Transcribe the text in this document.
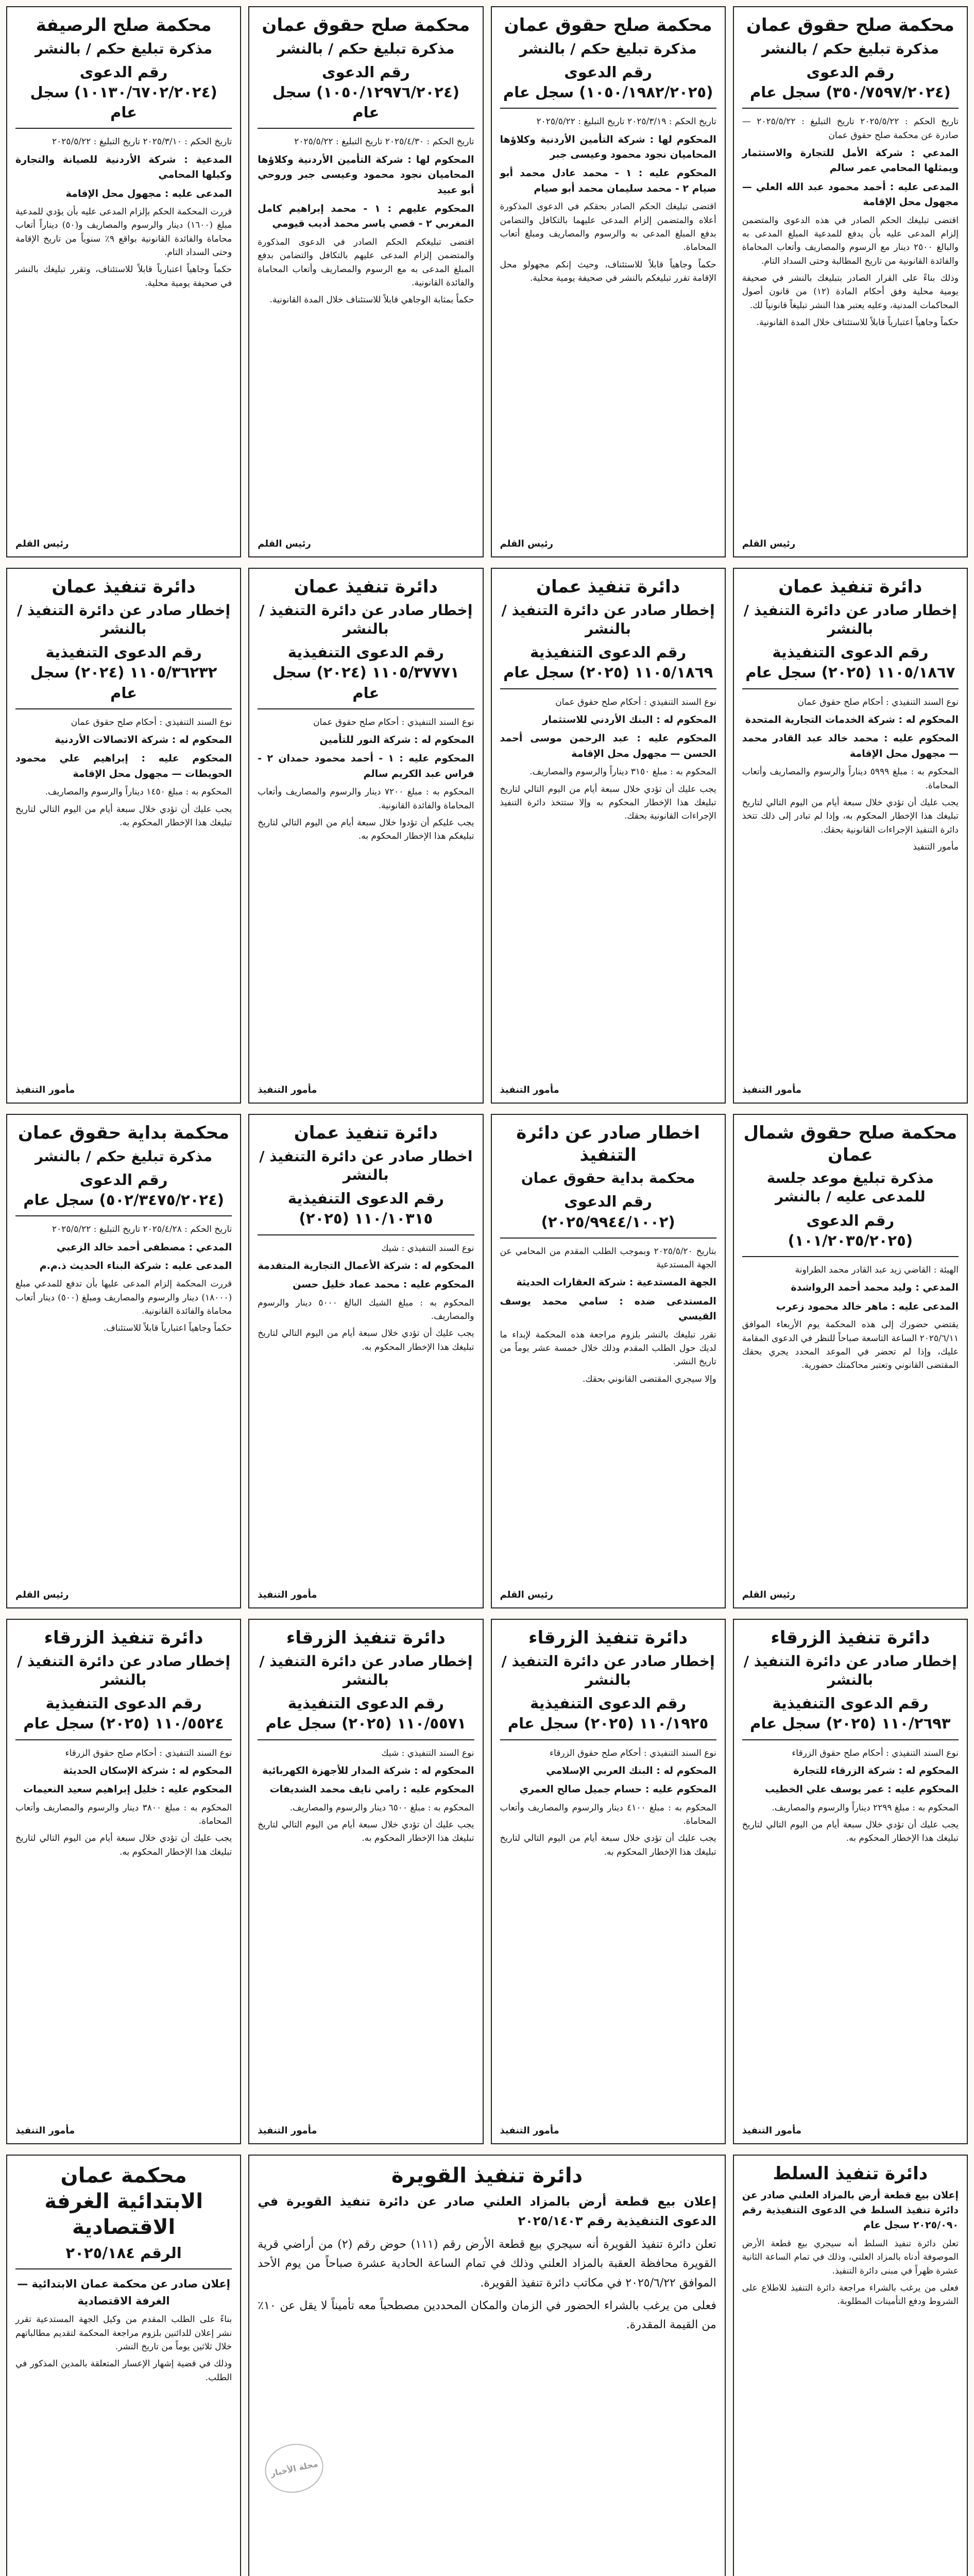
محكمة صلح حقوق عمان
مذكرة تبليغ حكم / بالنشر
رقم الدعوى (٣٥٠/٧٥٩٧/٢٠٢٤) سجل عام

تاريخ الحكم : ٢٠٢٥/٥/٢٢ تاريخ التبليغ : ٢٠٢٥/٥/٢٢ — صادرة عن محكمة صلح حقوق عمان

المدعي : شركة الأمل للتجارة والاستثمار ويمثلها المحامي عمر سالم

المدعى عليه : أحمد محمود عبد الله العلي — مجهول محل الإقامة

اقتضى تبليغك الحكم الصادر في هذه الدعوى والمتضمن إلزام المدعى عليه بأن يدفع للمدعية المبلغ المدعى به والبالغ ٢٥٠٠ دينار مع الرسوم والمصاريف وأتعاب المحاماة والفائدة القانونية من تاريخ المطالبة وحتى السداد التام.

وذلك بناءً على القرار الصادر بتبليغك بالنشر في صحيفة يومية محلية وفق أحكام المادة (١٢) من قانون أصول المحاكمات المدنية، وعليه يعتبر هذا النشر تبليغاً قانونياً لك.

حكماً وجاهياً اعتبارياً قابلاً للاستئناف خلال المدة القانونية.

رئيس القلم
محكمة صلح حقوق عمان
مذكرة تبليغ حكم / بالنشر
رقم الدعوى (١٠٥٠/١٩٨٢/٢٠٢٥) سجل عام

تاريخ الحكم : ٢٠٢٥/٣/١٩ تاريخ التبليغ : ٢٠٢٥/٥/٢٢

المحكوم لها : شركة التأمين الأردنية وكلاؤها المحاميان نجود محمود وعيسى جبر

المحكوم عليه : ١ - محمد عادل محمد أبو صيام ٢ - محمد سليمان محمد أبو صيام

اقتضى تبليغك الحكم الصادر بحقكم في الدعوى المذكورة أعلاه والمتضمن إلزام المدعى عليهما بالتكافل والتضامن بدفع المبلغ المدعى به والرسوم والمصاريف ومبلغ أتعاب المحاماة.

حكماً وجاهياً قابلاً للاستئناف، وحيث إنكم مجهولو محل الإقامة تقرر تبليغكم بالنشر في صحيفة يومية محلية.

رئيس القلم
محكمة صلح حقوق عمان
مذكرة تبليغ حكم / بالنشر
رقم الدعوى (١٠٥٠/١٢٩٧٦/٢٠٢٤) سجل عام

تاريخ الحكم : ٢٠٢٥/٤/٣٠ تاريخ التبليغ : ٢٠٢٥/٥/٢٢

المحكوم لها : شركة التأمين الأردنية وكلاؤها المحاميان نجود محمود وعيسى جبر وروحي أبو عبيد

المحكوم عليهم : ١ - محمد إبراهيم كامل المغربي ٢ - قصي ياسر محمد أديب قيومي

اقتضى تبليغكم الحكم الصادر في الدعوى المذكورة والمتضمن إلزام المدعى عليهم بالتكافل والتضامن بدفع المبلغ المدعى به مع الرسوم والمصاريف وأتعاب المحاماة والفائدة القانونية.

حكماً بمثابة الوجاهي قابلاً للاستئناف خلال المدة القانونية.

رئيس القلم
محكمة صلح الرصيفة
مذكرة تبليغ حكم / بالنشر
رقم الدعوى (١٠١٣٠/٦٧٠٢/٢٠٢٤) سجل عام

تاريخ الحكم : ٢٠٢٥/٣/١٠ تاريخ التبليغ : ٢٠٢٥/٥/٢٢

المدعية : شركة الأردنية للصيانة والتجارة وكيلها المحامي

المدعى عليه : مجهول محل الإقامة

قررت المحكمة الحكم بإلزام المدعى عليه بأن يؤدي للمدعية مبلغ (١٦٠٠) دينار والرسوم والمصاريف و(٥٠) ديناراً أتعاب محاماة والفائدة القانونية بواقع ٩٪ سنوياً من تاريخ الإقامة وحتى السداد التام.

حكماً وجاهياً اعتبارياً قابلاً للاستئناف، وتقرر تبليغك بالنشر في صحيفة يومية محلية.

رئيس القلم
دائرة تنفيذ عمان
إخطار صادر عن دائرة التنفيذ / بالنشر
رقم الدعوى التنفيذية ١١٠٥/١٨٦٧ (٢٠٢٥) سجل عام

نوع السند التنفيذي : أحكام صلح حقوق عمان

المحكوم له : شركة الخدمات التجارية المتحدة

المحكوم عليه : محمد خالد عبد القادر محمد — مجهول محل الإقامة

المحكوم به : مبلغ ٥٩٩٩ ديناراً والرسوم والمصاريف وأتعاب المحاماة.

يجب عليك أن تؤدي خلال سبعة أيام من اليوم التالي لتاريخ تبليغك هذا الإخطار المحكوم به، وإذا لم تبادر إلى ذلك تتخذ دائرة التنفيذ الإجراءات القانونية بحقك.

مأمور التنفيذ

مأمور التنفيذ
دائرة تنفيذ عمان
إخطار صادر عن دائرة التنفيذ / بالنشر
رقم الدعوى التنفيذية ١١٠٥/١٨٦٩ (٢٠٢٥) سجل عام

نوع السند التنفيذي : أحكام صلح حقوق عمان

المحكوم له : البنك الأردني للاستثمار

المحكوم عليه : عبد الرحمن موسى أحمد الحسن — مجهول محل الإقامة

المحكوم به : مبلغ ٣١٥٠ ديناراً والرسوم والمصاريف.

يجب عليك أن تؤدي خلال سبعة أيام من اليوم التالي لتاريخ تبليغك هذا الإخطار المحكوم به وإلا ستتخذ دائرة التنفيذ الإجراءات القانونية بحقك.

مأمور التنفيذ
دائرة تنفيذ عمان
إخطار صادر عن دائرة التنفيذ / بالنشر
رقم الدعوى التنفيذية ١١٠٥/٣٧٧٧١ (٢٠٢٤) سجل عام

نوع السند التنفيذي : أحكام صلح حقوق عمان

المحكوم له : شركة النور للتأمين

المحكوم عليه : ١ - أحمد محمود حمدان ٢ - فراس عبد الكريم سالم

المحكوم به : مبلغ ٧٢٠٠ دينار والرسوم والمصاريف وأتعاب المحاماة والفائدة القانونية.

يجب عليكم أن تؤدوا خلال سبعة أيام من اليوم التالي لتاريخ تبليغكم هذا الإخطار المحكوم به.

مأمور التنفيذ
دائرة تنفيذ عمان
إخطار صادر عن دائرة التنفيذ / بالنشر
رقم الدعوى التنفيذية ١١٠٥/٣٦٢٣٢ (٢٠٢٤) سجل عام

نوع السند التنفيذي : أحكام صلح حقوق عمان

المحكوم له : شركة الاتصالات الأردنية

المحكوم عليه : إبراهيم علي محمود الحويطات — مجهول محل الإقامة

المحكوم به : مبلغ ١٤٥٠ ديناراً والرسوم والمصاريف.

يجب عليك أن تؤدي خلال سبعة أيام من اليوم التالي لتاريخ تبليغك هذا الإخطار المحكوم به.

مأمور التنفيذ
محكمة صلح حقوق شمال عمان
مذكرة تبليغ موعد جلسة للمدعى عليه / بالنشر
رقم الدعوى (١٠١/٢٠٣٥/٢٠٢٥)

الهيئة : القاضي زيد عبد القادر محمد الطراونة

المدعي : وليد محمد أحمد الرواشدة

المدعى عليه : ماهر خالد محمود زعرب

يقتضي حضورك إلى هذه المحكمة يوم الأربعاء الموافق ٢٠٢٥/٦/١١ الساعة التاسعة صباحاً للنظر في الدعوى المقامة عليك، وإذا لم تحضر في الموعد المحدد يجري بحقك المقتضى القانوني وتعتبر محاكمتك حضورية.

رئيس القلم
اخطار صادر عن دائرة التنفيذ
محكمة بداية حقوق عمان
رقم الدعوى (٢٠٢٥/٩٩٤٤/١٠٠٢)

بتاريخ ٢٠٢٥/٥/٢٠ وبموجب الطلب المقدم من المحامي عن الجهة المستدعية

الجهة المستدعية : شركة العقارات الحديثة

المستدعى ضده : سامي محمد يوسف القيسي

تقرر تبليغك بالنشر بلزوم مراجعة هذه المحكمة لإبداء ما لديك حول الطلب المقدم وذلك خلال خمسة عشر يوماً من تاريخ النشر.

وإلا سيجري المقتضى القانوني بحقك.

رئيس القلم
دائرة تنفيذ عمان
اخطار صادر عن دائرة التنفيذ / بالنشر
رقم الدعوى التنفيذية ١١٠/١٠٣١٥ (٢٠٢٥)

نوع السند التنفيذي : شيك

المحكوم له : شركة الأعمال التجارية المتقدمة

المحكوم عليه : محمد عماد خليل حسن

المحكوم به : مبلغ الشيك البالغ ٥٠٠٠ دينار والرسوم والمصاريف.

يجب عليك أن تؤدي خلال سبعة أيام من اليوم التالي لتاريخ تبليغك هذا الإخطار المحكوم به.

مأمور التنفيذ
محكمة بداية حقوق عمان
مذكرة تبليغ حكم / بالنشر
رقم الدعوى (٥٠٢/٣٤٧٥/٢٠٢٤) سجل عام

تاريخ الحكم : ٢٠٢٥/٤/٢٨ تاريخ التبليغ : ٢٠٢٥/٥/٢٢

المدعي : مصطفى أحمد خالد الزعبي

المدعى عليه : شركة البناء الحديث ذ.م.م

قررت المحكمة إلزام المدعى عليها بأن تدفع للمدعي مبلغ (١٨٠٠٠) دينار والرسوم والمصاريف ومبلغ (٥٠٠) دينار أتعاب محاماة والفائدة القانونية.

حكماً وجاهياً اعتبارياً قابلاً للاستئناف.

رئيس القلم
دائرة تنفيذ الزرقاء
إخطار صادر عن دائرة التنفيذ / بالنشر
رقم الدعوى التنفيذية ١١٠/٢٦٩٣ (٢٠٢٥) سجل عام

نوع السند التنفيذي : أحكام صلح حقوق الزرقاء

المحكوم له : شركة الزرقاء للتجارة

المحكوم عليه : عمر يوسف علي الخطيب

المحكوم به : مبلغ ٢٢٩٩ ديناراً والرسوم والمصاريف.

يجب عليك أن تؤدي خلال سبعة أيام من اليوم التالي لتاريخ تبليغك هذا الإخطار المحكوم به.

مأمور التنفيذ
دائرة تنفيذ الزرقاء
إخطار صادر عن دائرة التنفيذ / بالنشر
رقم الدعوى التنفيذية ١١٠/١٩٢٥ (٢٠٢٥) سجل عام

نوع السند التنفيذي : أحكام صلح حقوق الزرقاء

المحكوم له : البنك العربي الإسلامي

المحكوم عليه : حسام جميل صالح العمري

المحكوم به : مبلغ ٤١٠٠ دينار والرسوم والمصاريف وأتعاب المحاماة.

يجب عليك أن تؤدي خلال سبعة أيام من اليوم التالي لتاريخ تبليغك هذا الإخطار المحكوم به.

مأمور التنفيذ
دائرة تنفيذ الزرقاء
إخطار صادر عن دائرة التنفيذ / بالنشر
رقم الدعوى التنفيذية ١١٠/٥٥٧١ (٢٠٢٥) سجل عام

نوع السند التنفيذي : شيك

المحكوم له : شركة المدار للأجهزة الكهربائية

المحكوم عليه : رامي نايف محمد الشديفات

المحكوم به : مبلغ ٦٥٠٠ دينار والرسوم والمصاريف.

يجب عليك أن تؤدي خلال سبعة أيام من اليوم التالي لتاريخ تبليغك هذا الإخطار المحكوم به.

مأمور التنفيذ
دائرة تنفيذ الزرقاء
إخطار صادر عن دائرة التنفيذ / بالنشر
رقم الدعوى التنفيذية ١١٠/٥٥٢٤ (٢٠٢٥) سجل عام

نوع السند التنفيذي : أحكام صلح حقوق الزرقاء

المحكوم له : شركة الإسكان الحديثة

المحكوم عليه : خليل إبراهيم سعيد النعيمات

المحكوم به : مبلغ ٣٨٠٠ دينار والرسوم والمصاريف وأتعاب المحاماة.

يجب عليك أن تؤدي خلال سبعة أيام من اليوم التالي لتاريخ تبليغك هذا الإخطار المحكوم به.

مأمور التنفيذ
دائرة تنفيذ السلط

إعلان بيع قطعة أرض بالمزاد العلني صادر عن دائرة تنفيذ السلط في الدعوى التنفيذية رقم ٢٠٢٥/٠٩٠ سجل عام

تعلن دائرة تنفيذ السلط أنه سيجري بيع قطعة الأرض الموصوفة أدناه بالمزاد العلني، وذلك في تمام الساعة الثانية عشرة ظهراً في مبنى دائرة التنفيذ.

فعلى من يرغب بالشراء مراجعة دائرة التنفيذ للاطلاع على الشروط ودفع التأمينات المطلوبة.

دائرة تنفيذ القويرة

إعلان بيع قطعة أرض بالمزاد العلني صادر عن دائرة تنفيذ القويرة في الدعوى التنفيذية رقم ٢٠٢٥/١٤٠٣

تعلن دائرة تنفيذ القويرة أنه سيجري بيع قطعة الأرض رقم (١١١) حوض رقم (٢) من أراضي قرية القويرة محافظة العقبة بالمزاد العلني وذلك في تمام الساعة الحادية عشرة صباحاً من يوم الأحد الموافق ٢٠٢٥/٦/٢٢ في مكاتب دائرة تنفيذ القويرة.

فعلى من يرغب بالشراء الحضور في الزمان والمكان المحددين مصطحباً معه تأميناً لا يقل عن ١٠٪ من القيمة المقدرة.

مجلة الأخبار
محكمة عمان الابتدائية الغرفة الاقتصادية
الرقم ٢٠٢٥/١٨٤

إعلان صادر عن محكمة عمان الابتدائية — الغرفة الاقتصادية

بناءً على الطلب المقدم من وكيل الجهة المستدعية تقرر نشر إعلان للدائنين بلزوم مراجعة المحكمة لتقديم مطالباتهم خلال ثلاثين يوماً من تاريخ النشر.

وذلك في قضية إشهار الإعسار المتعلقة بالمدين المذكور في الطلب.
